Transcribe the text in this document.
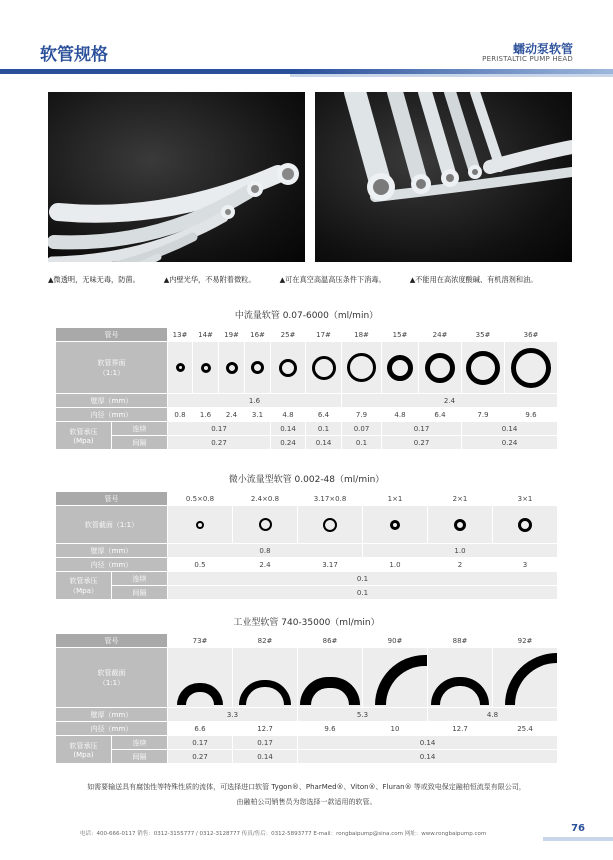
软管规格	蠕动泵软管
PERISTALTIC PUMP HEAD
▲微透明，无味无毒，防菌。	▲内壁光华，不易附着微粒。	▲可在真空高温高压条件下消毒。	▲不能用在高浓度酸碱、有机溶剂和油。
中流量软管 0.07-6000（ml/min）
管号		13#	14#	19#	16#	25#	17#	18#	15#	24#	35#	36#

软管界面
（1:1）												

壁厚（mm）		1.6						2.4				
内径（mm）		0.8	1.6	2.4	3.1	4.8	6.4	7.9	4.8	6.4	7.9	9.6

软管承压
(Mpa)	连续	0.17				0.14	0.1	0.07	0.17		0.14	
	间隔	0.27				0.24	0.14	0.1	0.27		0.24	
微小流量型软管 0.002-48（ml/min）
管号		0.5×0.8	2.4×0.8	3.17×0.8	1×1	2×1	3×1
软管截面（1:1）							
壁厚（mm）		0.8			1.0		
内径（mm）		0.5	2.4	3.17	1.0	2	3

软管承压
（Mpa）	连续	0.1					
	间隔	0.1					
工业型软管 740-35000（ml/min）
管号		73#	82#	86#	90#	88#	92#

软管截面
（1:1）							

壁厚（mm）		3.3		5.3		4.8	
内径（mm）		6.6	12.7	9.6	10	12.7	25.4

软管承压
(Mpa)	连续	0.17	0.17	0.14			
	间隔	0.27	0.14	0.14			
如需要输送具有腐蚀性等特殊性质的流体，可选择进口软管 Tygon®、PharMed®、Viton®、Fluran® 等或致电保定融柏恒流泵有限公司，
由融柏公司销售员为您选择一款适用的软管。
电话：400-666-0117 销售：0312-3155777 / 0312-3128777 传真/售后：0312-5893777 E-mail：rongbaipump@sina.com 网址：www.rongbaipump.com	76
